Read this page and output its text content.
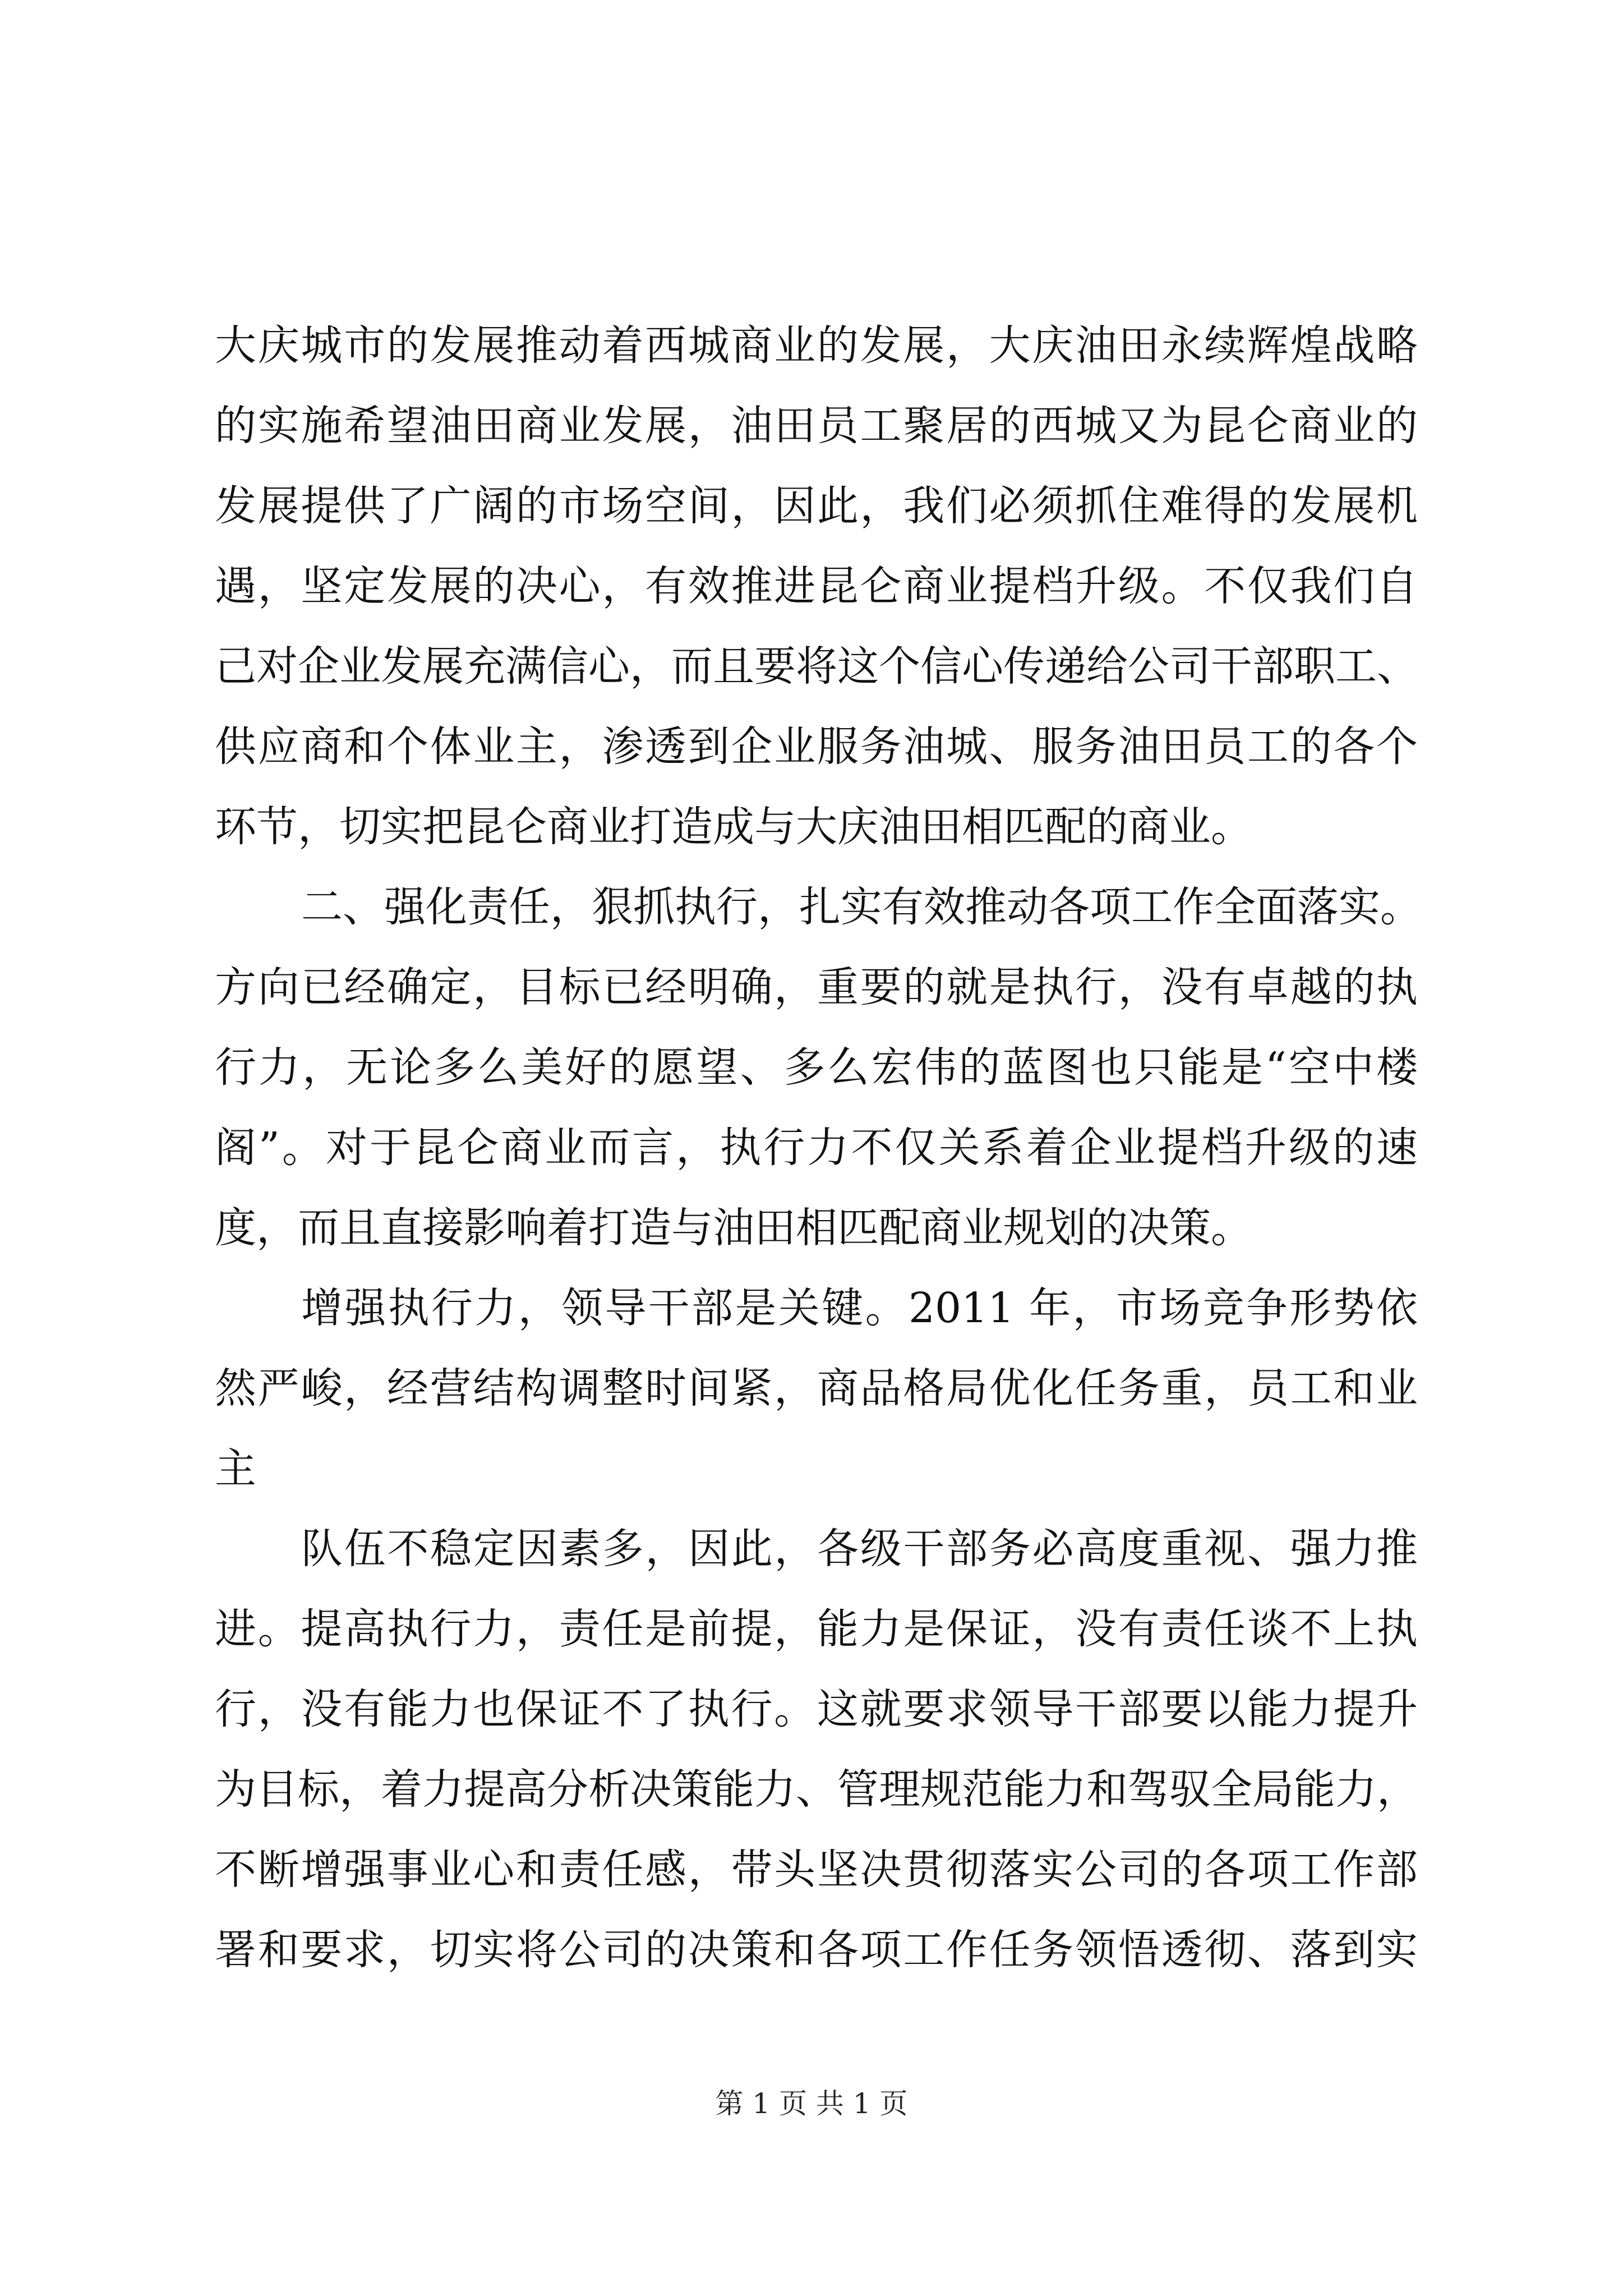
大庆城市的发展推动着西城商业的发展，大庆油田永续辉煌战略
的实施希望油田商业发展，油田员工聚居的西城又为昆仑商业的
发展提供了广阔的市场空间，因此，我们必须抓住难得的发展机
遇，坚定发展的决心，有效推进昆仑商业提档升级。不仅我们自
己对企业发展充满信心，而且要将这个信心传递给公司干部职工、
供应商和个体业主，渗透到企业服务油城、服务油田员工的各个
环节，切实把昆仑商业打造成与大庆油田相匹配的商业。
二、强化责任，狠抓执行，扎实有效推动各项工作全面落实。
方向已经确定，目标已经明确，重要的就是执行，没有卓越的执
行力，无论多么美好的愿望、多么宏伟的蓝图也只能是“空中楼
阁”。对于昆仑商业而言，执行力不仅关系着企业提档升级的速
度，而且直接影响着打造与油田相匹配商业规划的决策。
增强执行力，领导干部是关键。2011 年，市场竞争形势依
然严峻，经营结构调整时间紧，商品格局优化任务重，员工和业
主
队伍不稳定因素多，因此，各级干部务必高度重视、强力推
进。提高执行力，责任是前提，能力是保证，没有责任谈不上执
行，没有能力也保证不了执行。这就要求领导干部要以能力提升
为目标，着力提高分析决策能力、管理规范能力和驾驭全局能力，
不断增强事业心和责任感，带头坚决贯彻落实公司的各项工作部
署和要求，切实将公司的决策和各项工作任务领悟透彻、落到实
第 1 页 共 1 页
